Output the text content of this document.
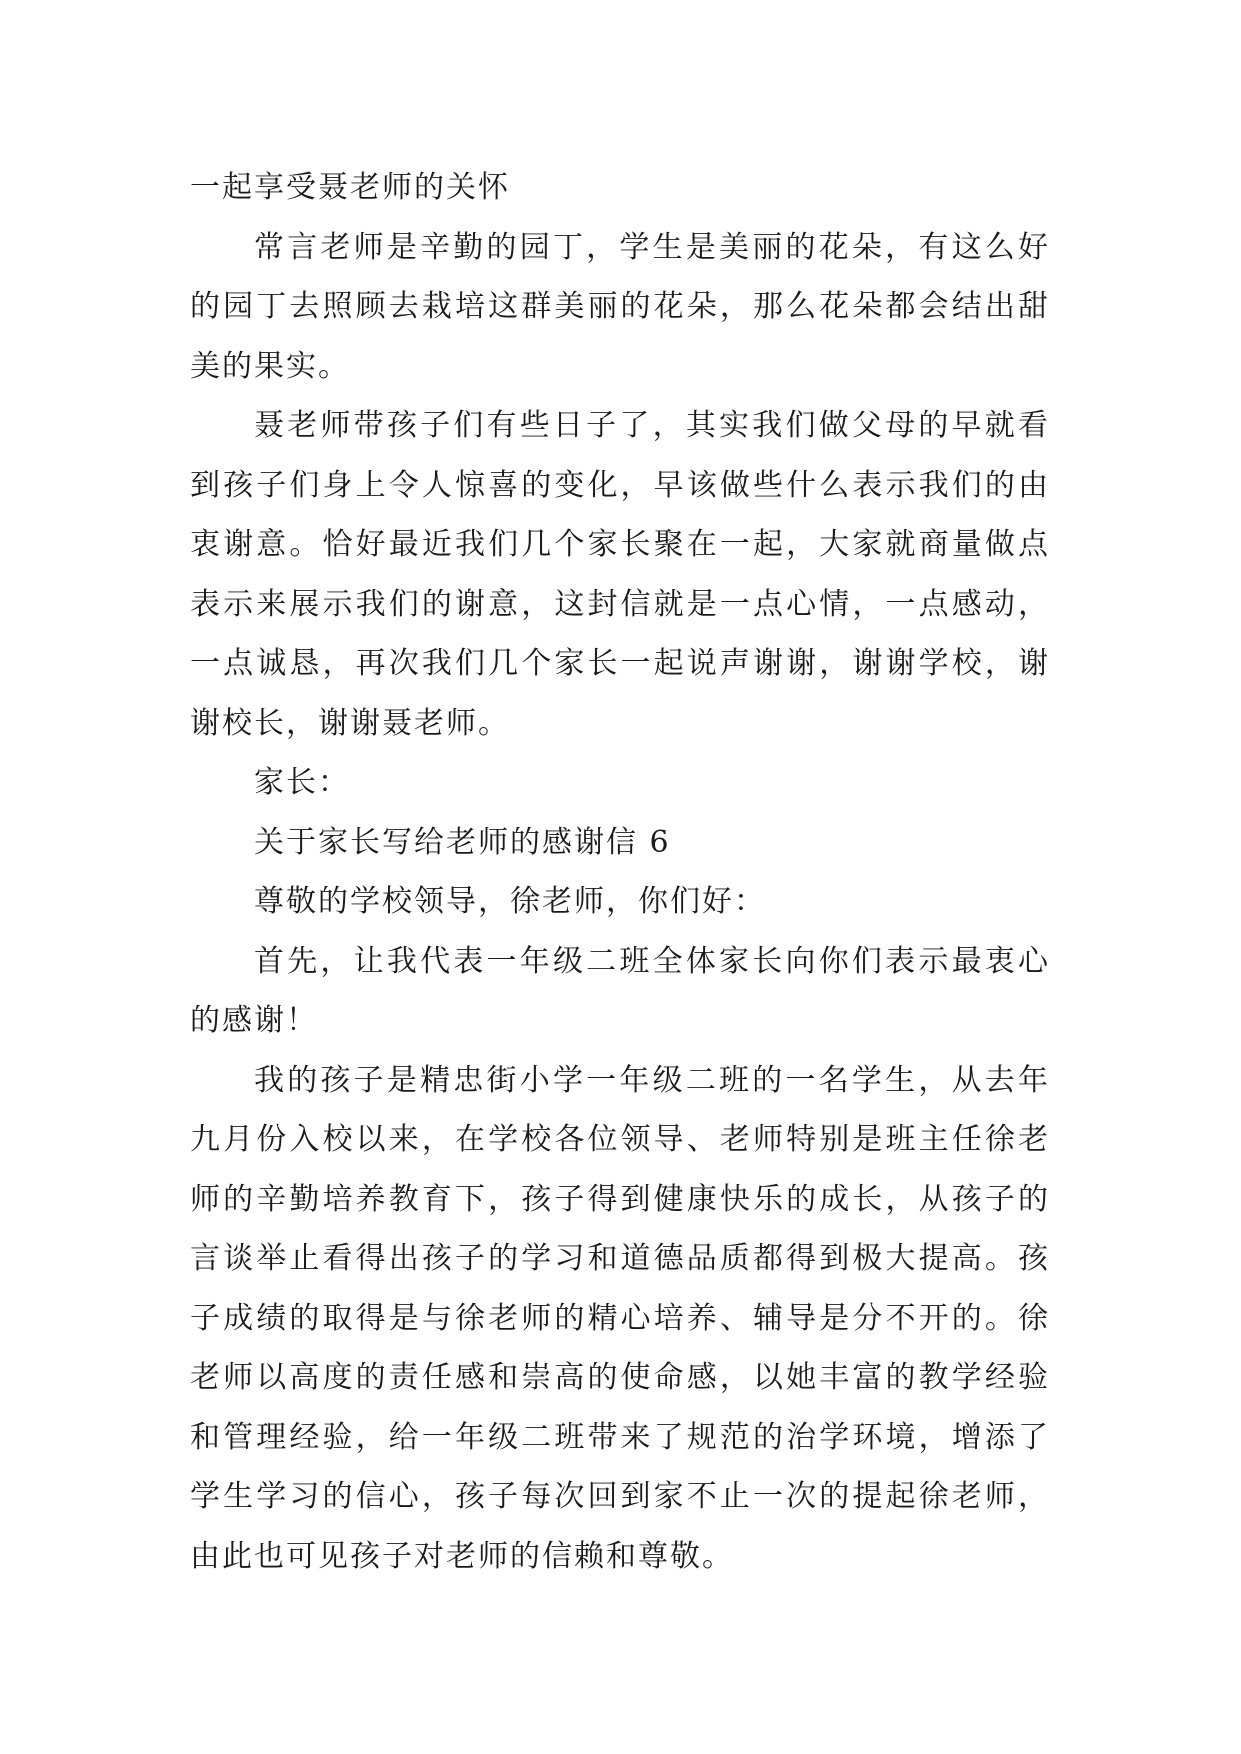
一起享受聂老师的关怀

常言老师是辛勤的园丁，学生是美丽的花朵，有这么好的园丁去照顾去栽培这群美丽的花朵，那么花朵都会结出甜美的果实。

聂老师带孩子们有些日子了，其实我们做父母的早就看到孩子们身上令人惊喜的变化，早该做些什么表示我们的由衷谢意。恰好最近我们几个家长聚在一起，大家就商量做点表示来展示我们的谢意，这封信就是一点心情，一点感动，一点诚恳，再次我们几个家长一起说声谢谢，谢谢学校，谢谢校长，谢谢聂老师。

家长：

关于家长写给老师的感谢信 6

尊敬的学校领导，徐老师，你们好：

首先，让我代表一年级二班全体家长向你们表示最衷心的感谢！

我的孩子是精忠街小学一年级二班的一名学生，从去年九月份入校以来，在学校各位领导、老师特别是班主任徐老师的辛勤培养教育下，孩子得到健康快乐的成长，从孩子的言谈举止看得出孩子的学习和道德品质都得到极大提高。孩子成绩的取得是与徐老师的精心培养、辅导是分不开的。徐老师以高度的责任感和崇高的使命感，以她丰富的教学经验和管理经验，给一年级二班带来了规范的治学环境，增添了学生学习的信心，孩子每次回到家不止一次的提起徐老师，由此也可见孩子对老师的信赖和尊敬。
